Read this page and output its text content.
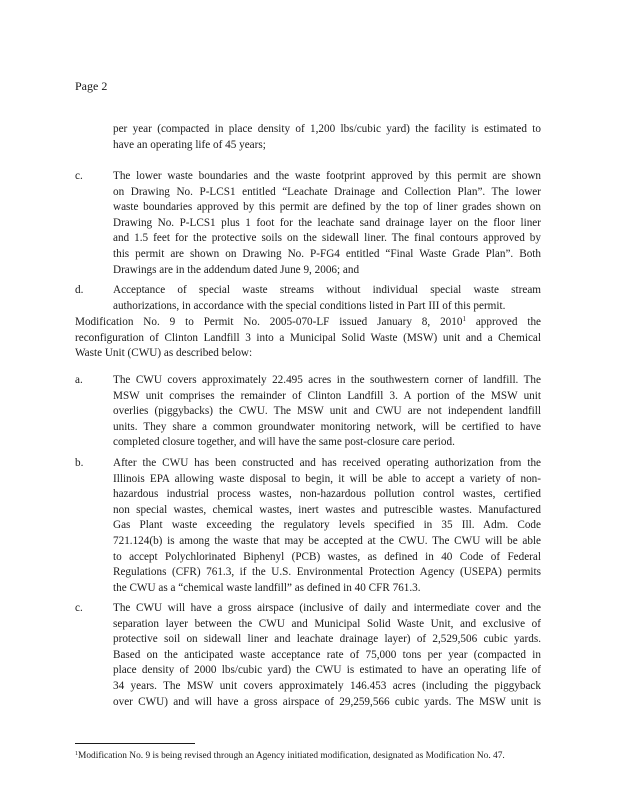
Page 2
per year (compacted in place density of 1,200 lbs/cubic yard) the facility is estimated to
have an operating life of 45 years;
c.	The lower waste boundaries and the waste footprint approved by this permit are shown
on Drawing No. P-LCS1 entitled “Leachate Drainage and Collection Plan”. The lower
waste boundaries approved by this permit are defined by the top of liner grades shown on
Drawing No. P-LCS1 plus 1 foot for the leachate sand drainage layer on the floor liner
and 1.5 feet for the protective soils on the sidewall liner. The final contours approved by
this permit are shown on Drawing No. P-FG4 entitled “Final Waste Grade Plan”. Both
Drawings are in the addendum dated June 9, 2006; and
d.	Acceptance of special waste streams without individual special waste stream
authorizations, in accordance with the special conditions listed in Part III of this permit.
Modification No. 9 to Permit No. 2005-070-LF issued January 8, 2010$^1$ approved the
reconfiguration of Clinton Landfill 3 into a Municipal Solid Waste (MSW) unit and a Chemical
Waste Unit (CWU) as described below:
a.	The CWU covers approximately 22.495 acres in the southwestern corner of landfill. The
MSW unit comprises the remainder of Clinton Landfill 3. A portion of the MSW unit
overlies (piggybacks) the CWU. The MSW unit and CWU are not independent landfill
units. They share a common groundwater monitoring network, will be certified to have
completed closure together, and will have the same post-closure care period.
b.	After the CWU has been constructed and has received operating authorization from the
Illinois EPA allowing waste disposal to begin, it will be able to accept a variety of non-
hazardous industrial process wastes, non-hazardous pollution control wastes, certified
non special wastes, chemical wastes, inert wastes and putrescible wastes. Manufactured
Gas Plant waste exceeding the regulatory levels specified in 35 Ill. Adm. Code
721.124(b) is among the waste that may be accepted at the CWU. The CWU will be able
to accept Polychlorinated Biphenyl (PCB) wastes, as defined in 40 Code of Federal
Regulations (CFR) 761.3, if the U.S. Environmental Protection Agency (USEPA) permits
the CWU as a “chemical waste landfill” as defined in 40 CFR 761.3.
c.	The CWU will have a gross airspace (inclusive of daily and intermediate cover and the
separation layer between the CWU and Municipal Solid Waste Unit, and exclusive of
protective soil on sidewall liner and leachate drainage layer) of 2,529,506 cubic yards.
Based on the anticipated waste acceptance rate of 75,000 tons per year (compacted in
place density of 2000 lbs/cubic yard) the CWU is estimated to have an operating life of
34 years. The MSW unit covers approximately 146.453 acres (including the piggyback
over CWU) and will have a gross airspace of 29,259,566 cubic yards. The MSW unit is
$^1$Modification No. 9 is being revised through an Agency initiated modification, designated as Modification No. 47.
